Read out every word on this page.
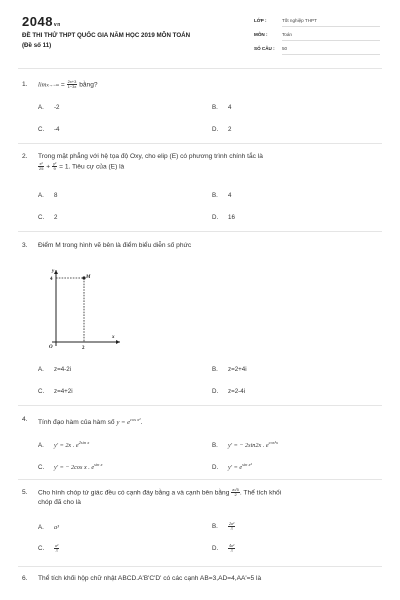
2048vn
ĐỀ THI THỬ THPT QUỐC GIA NĂM HỌC 2019 MÔN TOÁN
(Đề số 11)
LỚP :	Tốt nghiệp THPT
MÔN :	Toán
SỐ CÂU : 50
1. $\lim x\to-\infty = \frac{2x+3}{1-3x}$ bằng?
A. -2	B. 4
C. -4	D. 2
2. Trong mặt phẳng với hệ tọa độ Oxy, cho elip (E) có phương trình chính tắc là

$\frac{\text{x²}}{25} + \frac{\text{y²}}{9} = 1$. Tiêu cự của (E) là
A. 8	B. 4
C. 2	D. 16
3. Điểm M trong hình vẽ bên là điểm biểu diễn số phức
y
x
M
4
2
O
A. z=4-2i	B. z=2+4i
C. z=4+2i	D. z=2-4i
4. Tính đạo hàm của hàm số $y = e^{cos x^2}$.
A. y' = 2x . $e^{2sin x}$	B. y' = − 2sin2x . $e^{cos^2x}$
C. y' = − 2cos x . $e^{sin x}$	D. $y' = e^{sin x^2}$
5. Cho hình chóp tứ giác đều có cạnh đáy bằng a và cạnh bên bằng $\frac{a√5}{2}$ . Thể tích khối
chóp đã cho là
A. a³	B.	$\frac{\text{2a³}}{3}$
C. $\frac{\text{a³}}{3}$	D. $\frac{\text{4a³}}{3}$
6. Thể tích khối hộp chữ nhật ABCD.A'B'C'D' có các cạnh AB=3,AD=4,AA'=5 là
